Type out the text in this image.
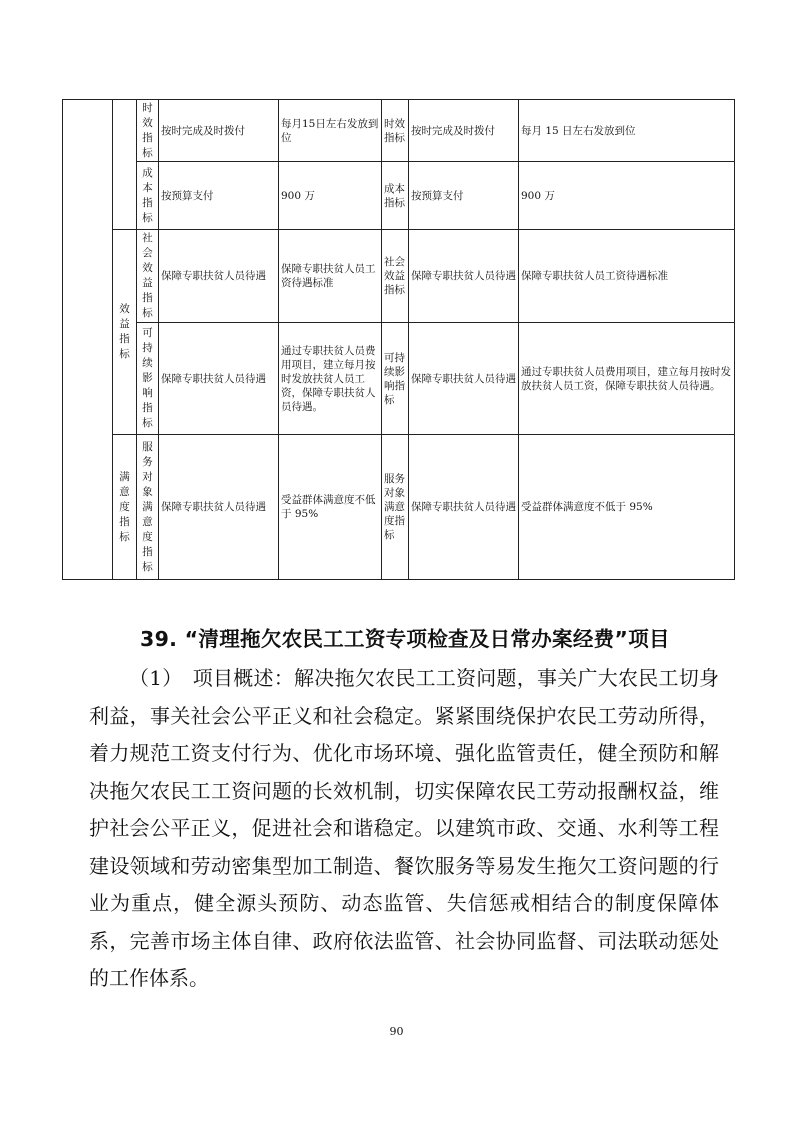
		时效指标	按时完成及时拨付	每月15日左右发放到位	时效指标	按时完成及时拨付	每月 15 日左右发放到位

		成本指标	按预算支付	900 万	成本指标	按预算支付	900 万

	效益指标	社会效益指标	保障专职扶贫人员待遇	保障专职扶贫人员工资待遇标准	社会效益指标	保障专职扶贫人员待遇	保障专职扶贫人员工资待遇标准

		可持续影响指标	保障专职扶贫人员待遇	通过专职扶贫人员费用项目，建立每月按时发放扶贫人员工资，保障专职扶贫人员待遇。	可持续影响指标	保障专职扶贫人员待遇	通过专职扶贫人员费用项目，建立每月按时发放扶贫人员工资，保障专职扶贫人员待遇。

	满意度指标	服务对象满意度指标	保障专职扶贫人员待遇	受益群体满意度不低于 95%	服务对象满意度指标	保障专职扶贫人员待遇	受益群体满意度不低于 95%
39. “清理拖欠农民工工资专项检查及日常办案经费”项目

（1）　项目概述：解决拖欠农民工工资问题，事关广大农民工切身利益，事关社会公平正义和社会稳定。紧紧围绕保护农民工劳动所得，着力规范工资支付行为、优化市场环境、强化监管责任，健全预防和解决拖欠农民工工资问题的长效机制，切实保障农民工劳动报酬权益，维护社会公平正义，促进社会和谐稳定。以建筑市政、交通、水利等工程建设领域和劳动密集型加工制造、餐饮服务等易发生拖欠工资问题的行业为重点，健全源头预防、动态监管、失信惩戒相结合的制度保障体系，完善市场主体自律、政府依法监管、社会协同监督、司法联动惩处的工作体系。

90
